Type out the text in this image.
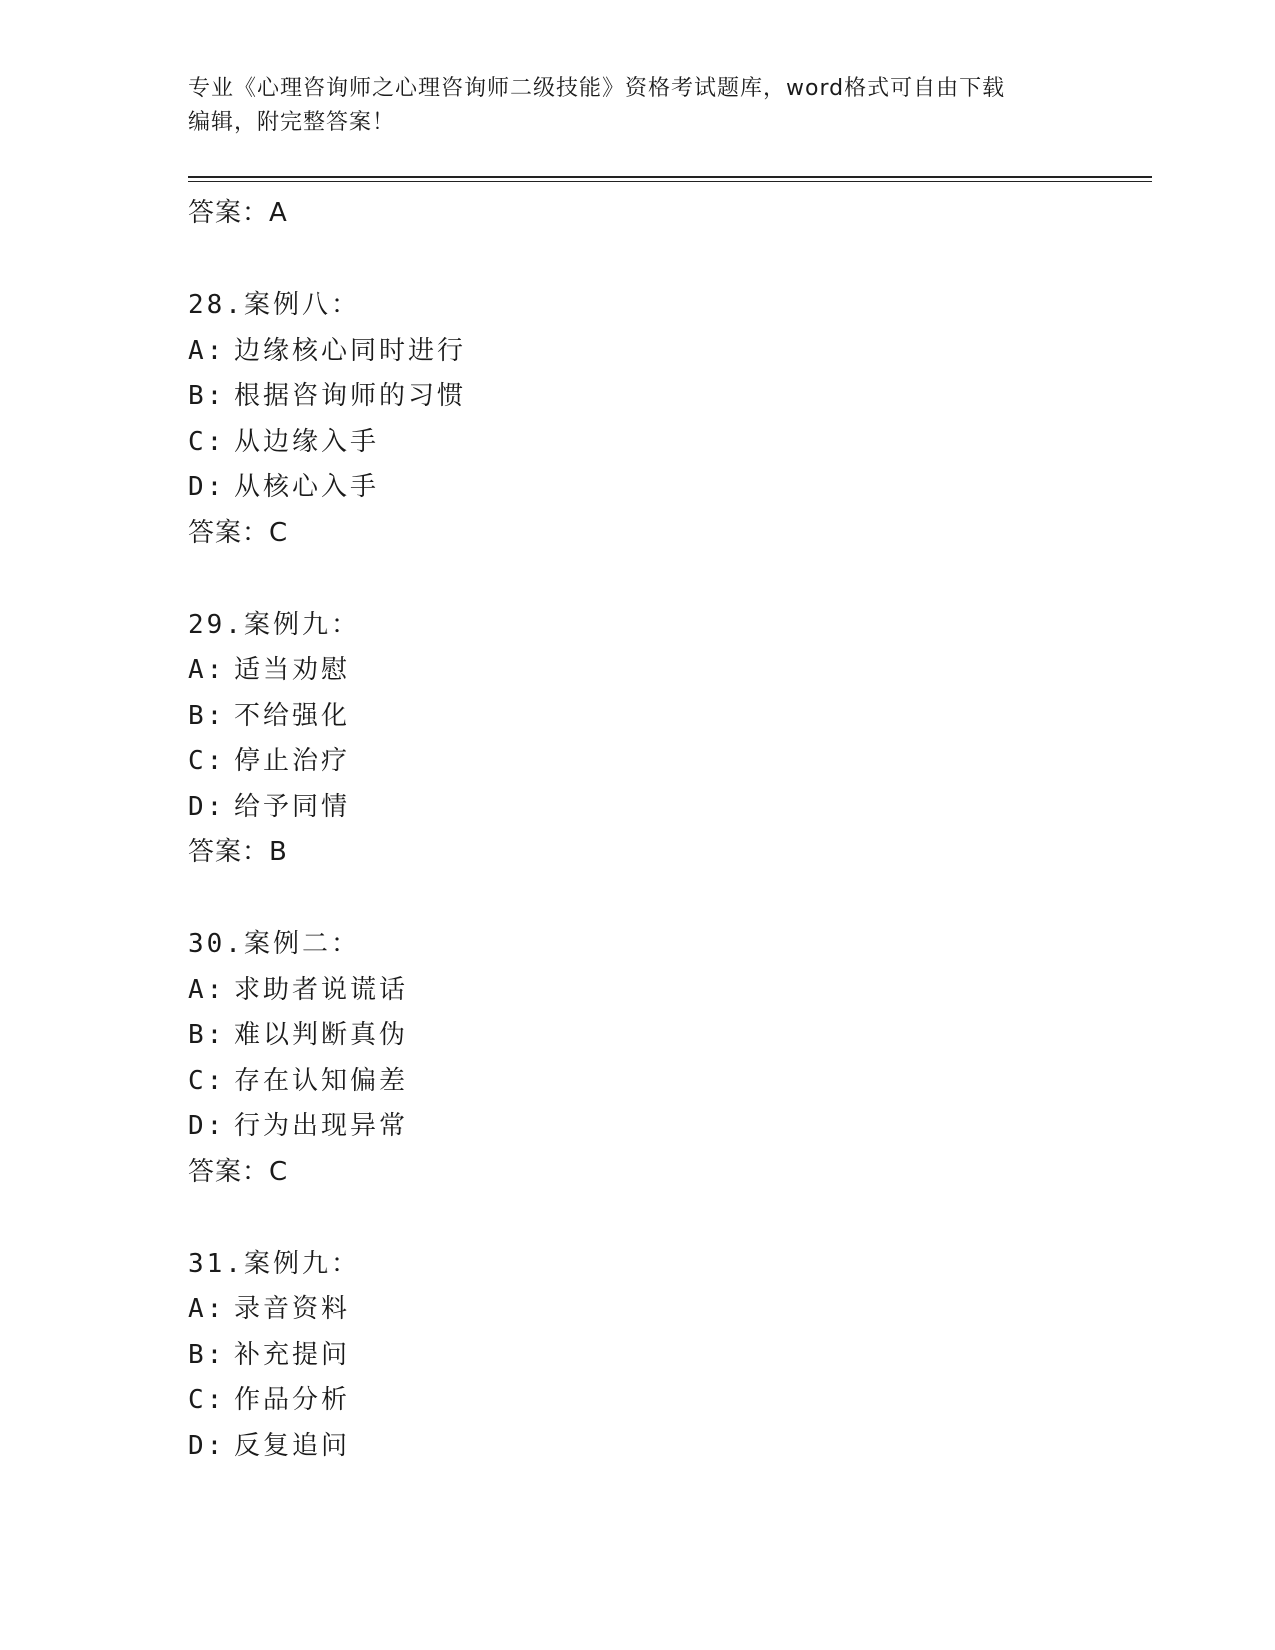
专业《心理咨询师之心理咨询师二级技能》资格考试题库，word格式可自由下载
编辑，附完整答案！
答案：A
28.案例八：
A: 边缘核心同时进行
B: 根据咨询师的习惯
C: 从边缘入手
D: 从核心入手
答案：C
29.案例九：
A: 适当劝慰
B: 不给强化
C: 停止治疗
D: 给予同情
答案：B
30.案例二：
A: 求助者说谎话
B: 难以判断真伪
C: 存在认知偏差
D: 行为出现异常
答案：C
31.案例九：
A: 录音资料
B: 补充提问
C: 作品分析
D: 反复追问
